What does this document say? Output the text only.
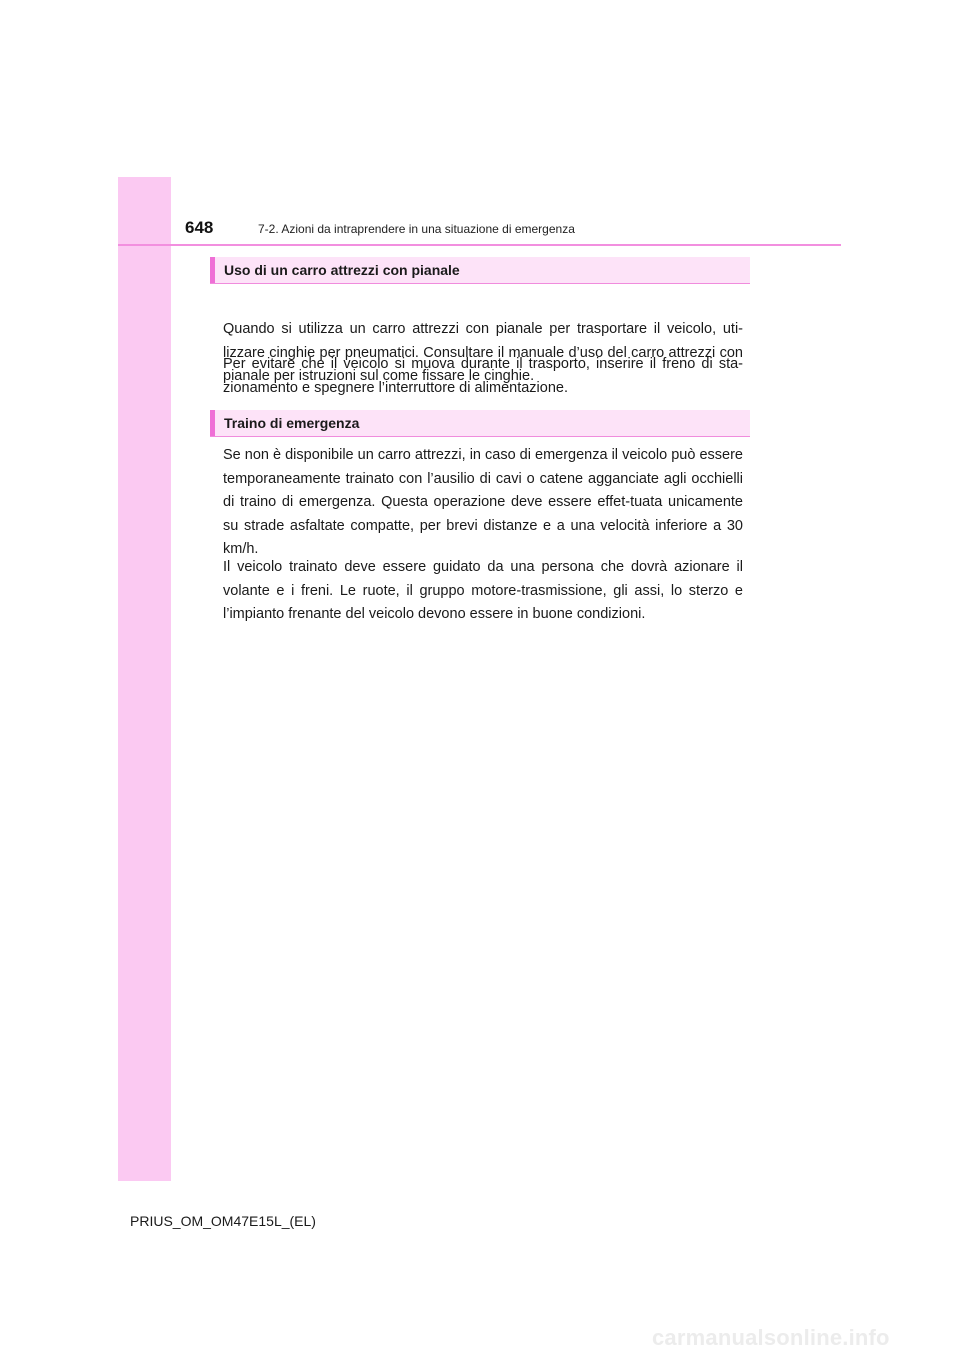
648	7-2. Azioni da intraprendere in una situazione di emergenza
Uso di un carro attrezzi con pianale

Quando si utilizza un carro attrezzi con pianale per trasportare il veicolo, uti-lizzare cinghie per pneumatici. Consultare il manuale d’uso del carro attrezzi con pianale per istruzioni sul come fissare le cinghie.

Per evitare che il veicolo si muova durante il trasporto, inserire il freno di sta-zionamento e spegnere l’interruttore di alimentazione.

Traino di emergenza

Se non è disponibile un carro attrezzi, in caso di emergenza il veicolo può essere temporaneamente trainato con l’ausilio di cavi o catene agganciate agli occhielli di traino di emergenza. Questa operazione deve essere effet-tuata unicamente su strade asfaltate compatte, per brevi distanze e a una velocità inferiore a 30 km/h.

Il veicolo trainato deve essere guidato da una persona che dovrà azionare il volante e i freni. Le ruote, il gruppo motore-trasmissione, gli assi, lo sterzo e l’impianto frenante del veicolo devono essere in buone condizioni.

PRIUS_OM_OM47E15L_(EL)
carmanualsonline.info
